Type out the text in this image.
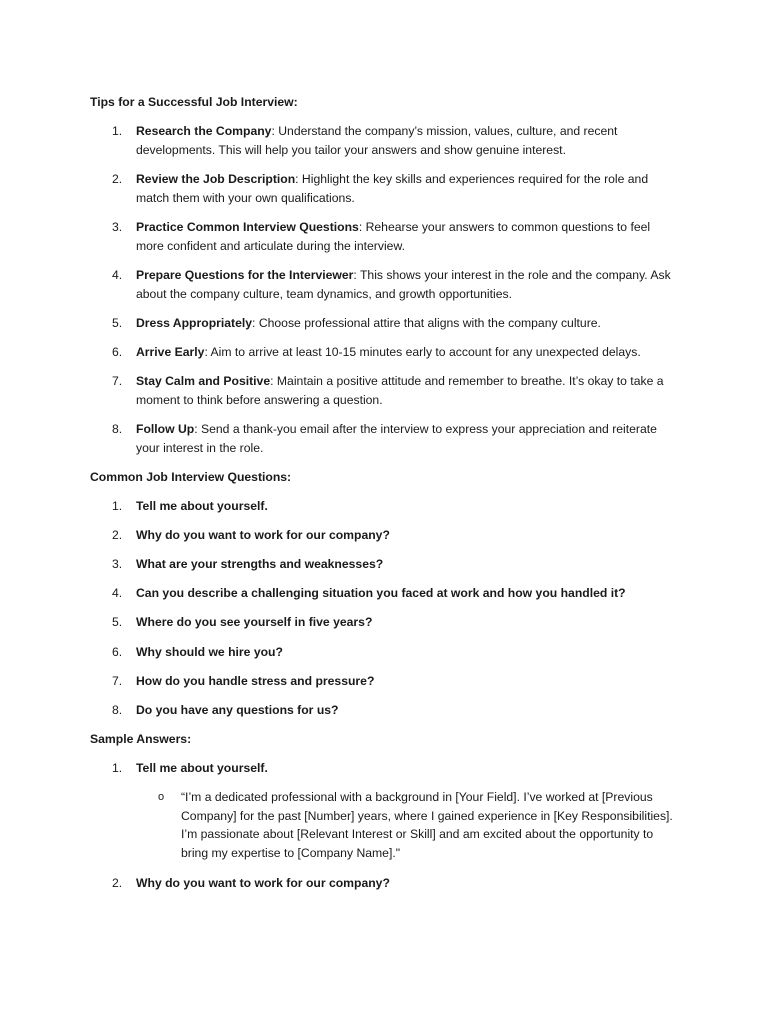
Tips for a Successful Job Interview:
1. Research the Company: Understand the company’s mission, values, culture, and recent developments. This will help you tailor your answers and show genuine interest.
2. Review the Job Description: Highlight the key skills and experiences required for the role and match them with your own qualifications.
3. Practice Common Interview Questions: Rehearse your answers to common questions to feel more confident and articulate during the interview.
4. Prepare Questions for the Interviewer: This shows your interest in the role and the company. Ask about the company culture, team dynamics, and growth opportunities.
5. Dress Appropriately: Choose professional attire that aligns with the company culture.
6. Arrive Early: Aim to arrive at least 10-15 minutes early to account for any unexpected delays.
7. Stay Calm and Positive: Maintain a positive attitude and remember to breathe. It’s okay to take a moment to think before answering a question.
8. Follow Up: Send a thank-you email after the interview to express your appreciation and reiterate your interest in the role.
Common Job Interview Questions:
1. Tell me about yourself.
2. Why do you want to work for our company?
3. What are your strengths and weaknesses?
4. Can you describe a challenging situation you faced at work and how you handled it?
5. Where do you see yourself in five years?
6. Why should we hire you?
7. How do you handle stress and pressure?
8. Do you have any questions for us?
Sample Answers:
1. Tell me about yourself.
o “I’m a dedicated professional with a background in [Your Field]. I’ve worked at [Previous Company] for the past [Number] years, where I gained experience in [Key Responsibilities]. I’m passionate about [Relevant Interest or Skill] and am excited about the opportunity to bring my expertise to [Company Name]."
2. Why do you want to work for our company?
